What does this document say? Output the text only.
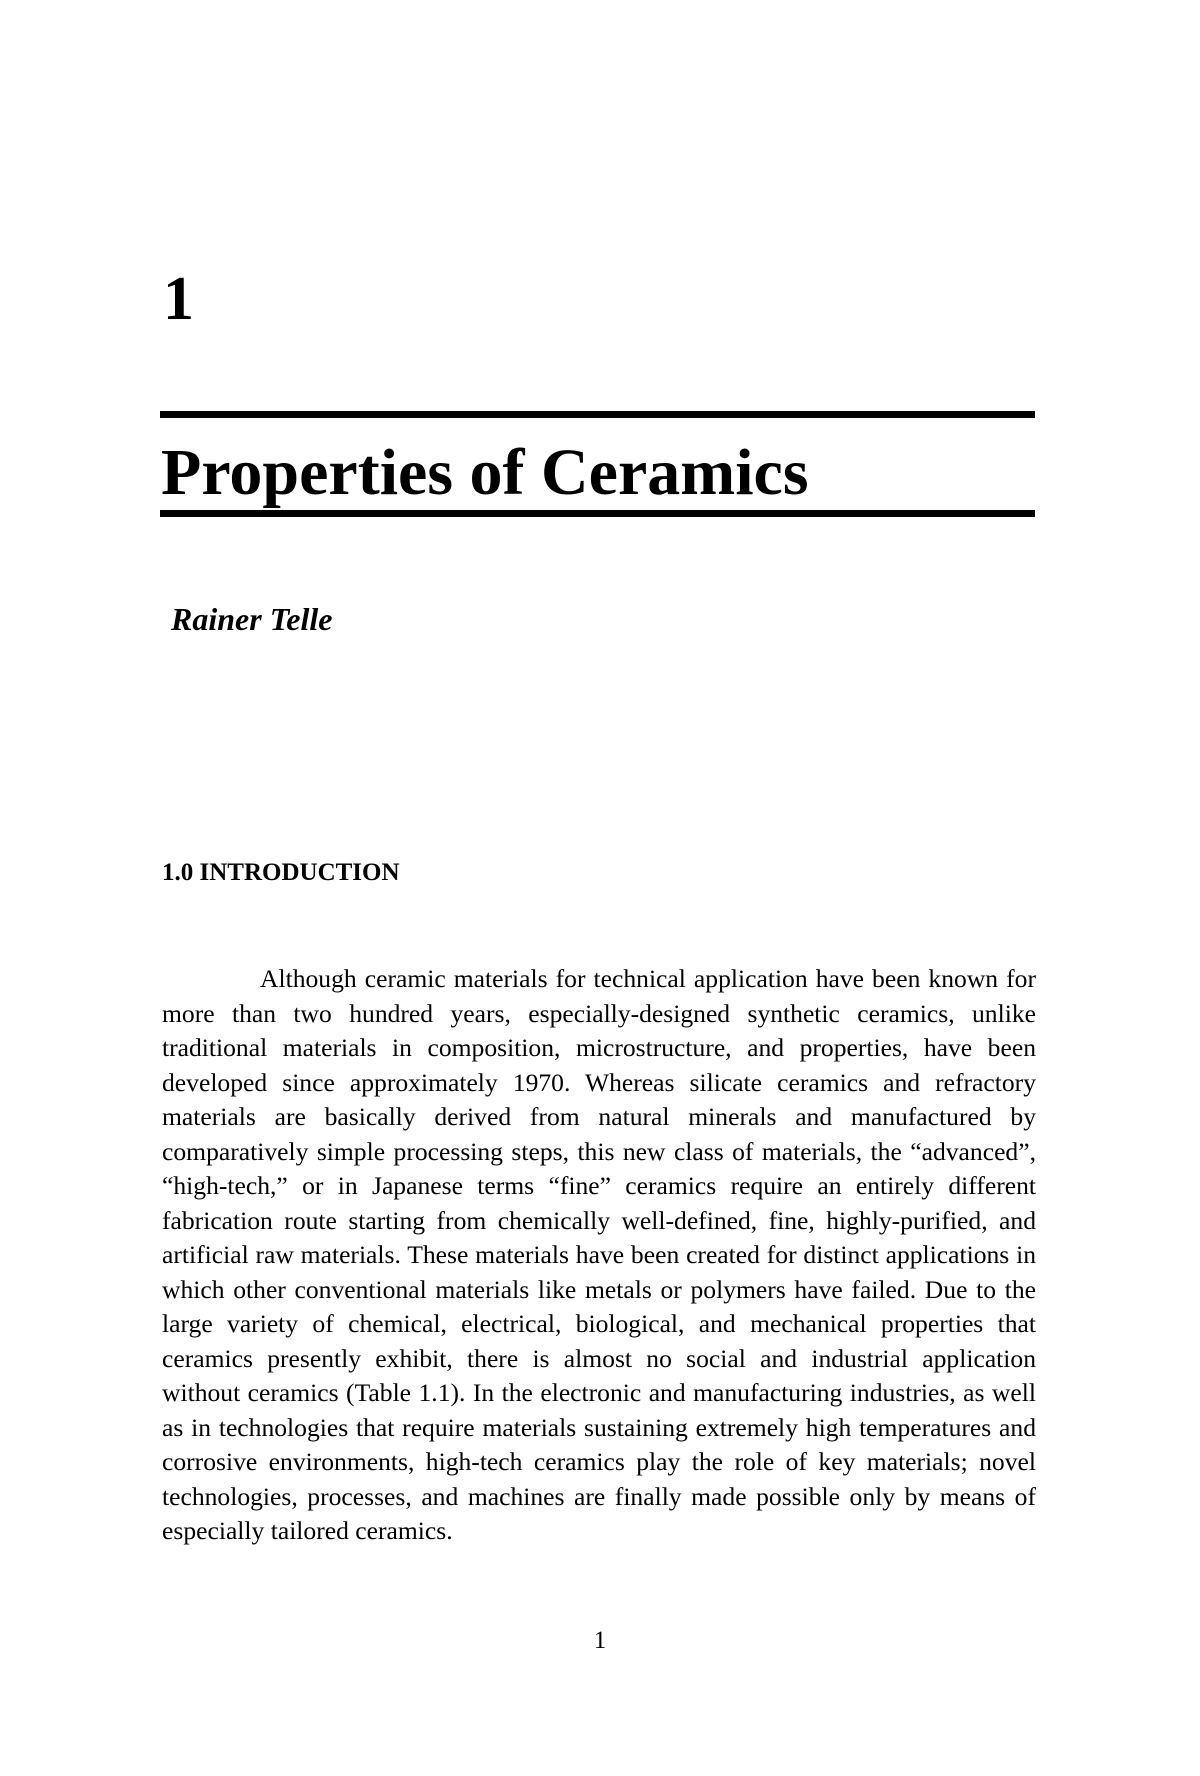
1
Properties of Ceramics
Rainer Telle
1.0 INTRODUCTION

Although ceramic materials for technical application have been known for more than two hundred years, especially-designed synthetic ceramics, unlike traditional materials in composition, microstructure, and properties, have been developed since approximately 1970. Whereas silicate ceramics and refractory materials are basically derived from natural minerals and manufactured by comparatively simple processing steps, this new class of materials, the “advanced”, “high-tech,” or in Japanese terms “fine” ceramics require an entirely different fabrication route starting from chemically well-defined, fine, highly-purified, and artificial raw materials. These materials have been created for distinct applications in which other conventional materials like metals or polymers have failed. Due to the large variety of chemical, electrical, biological, and mechanical properties that ceramics presently exhibit, there is almost no social and industrial application without ceramics (Table 1.1). In the electronic and manufacturing industries, as well as in technologies that require materials sustaining extremely high temperatures and corrosive environments, high-tech ceramics play the role of key materials; novel technologies, processes, and machines are finally made possible only by means of especially tailored ceramics.

1
